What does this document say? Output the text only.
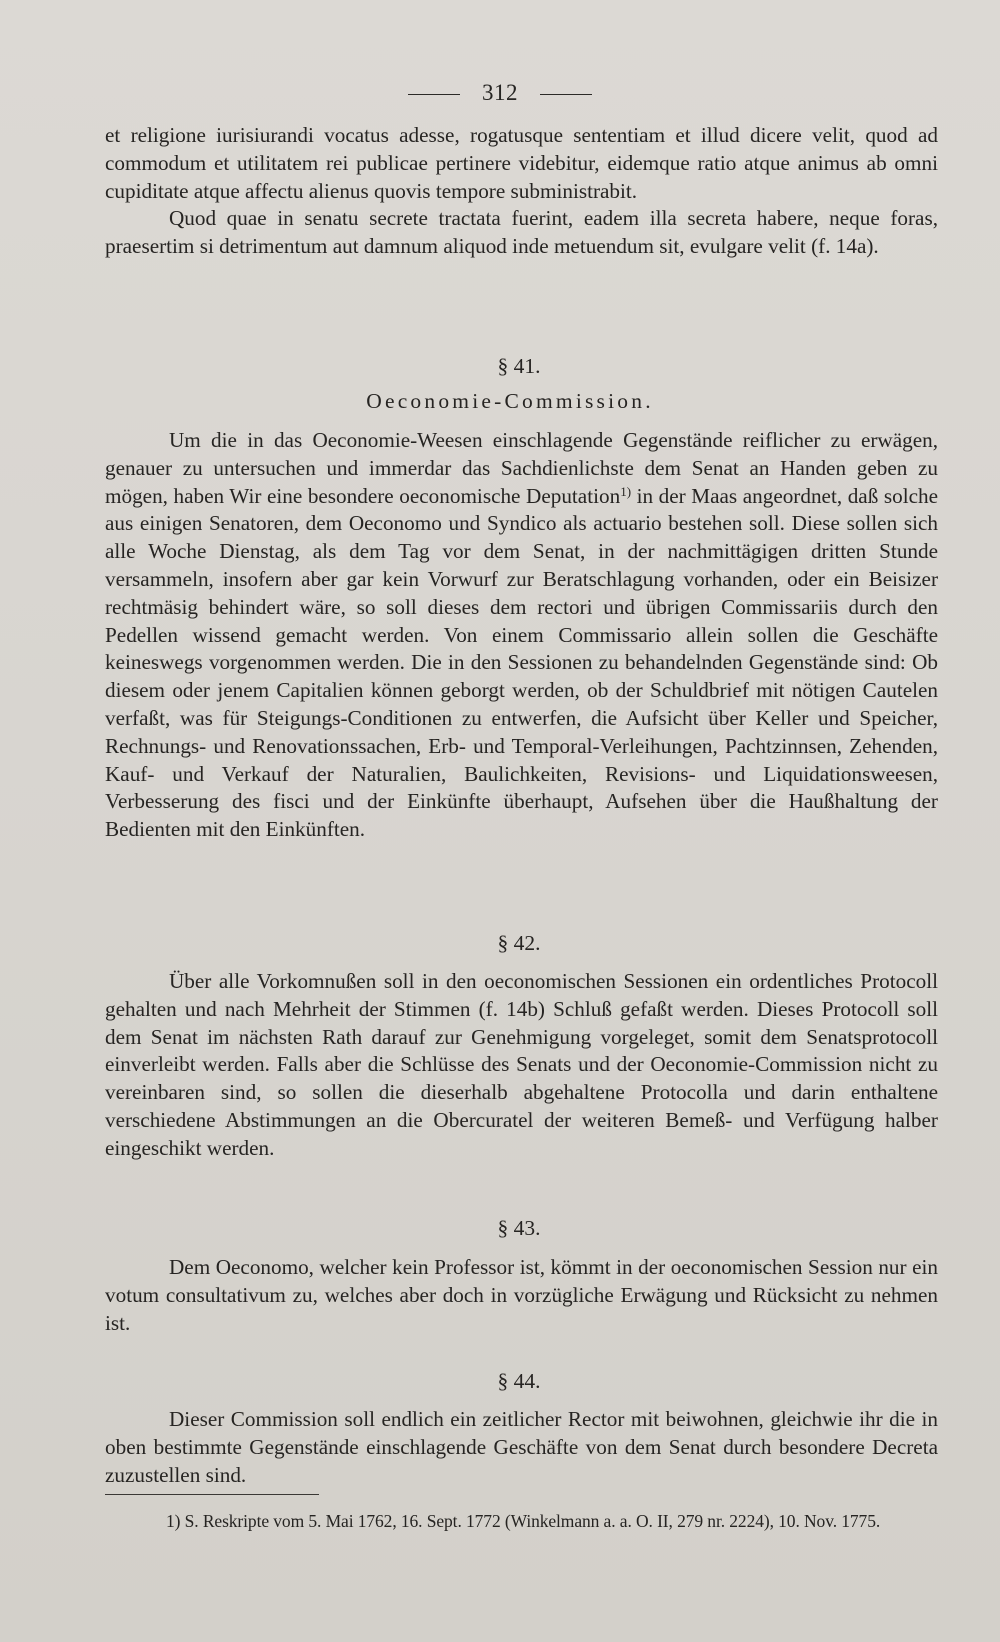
312

et religione iurisiurandi vocatus adesse, rogatusque sententiam et illud dicere velit, quod ad commodum et utilitatem rei publicae pertinere videbitur, eidemque ratio atque animus ab omni cupiditate atque affectu alienus quovis tempore subministrabit.

Quod quae in senatu secrete tractata fuerint, eadem illa secreta habere, neque foras, praesertim si detrimentum aut damnum aliquod inde metuendum sit, evulgare velit (f. 14a).

§ 41.
Oeconomie-Commission.

Um die in das Oeconomie-Weesen einschlagende Gegenstände reiflicher zu erwägen, genauer zu untersuchen und immerdar das Sachdienlichste dem Senat an Handen geben zu mögen, haben Wir eine besondere oeconomische Deputation$^{1)}$ in der Maas angeordnet, daß solche aus einigen Senatoren, dem Oeconomo und Syndico als actuario bestehen soll. Diese sollen sich alle Woche Dienstag, als dem Tag vor dem Senat, in der nachmittägigen dritten Stunde versammeln, insofern aber gar kein Vorwurf zur Beratschlagung vorhanden, oder ein Beisizer rechtmäsig behindert wäre, so soll dieses dem rectori und übrigen Commissariis durch den Pedellen wissend gemacht werden. Von einem Commissario allein sollen die Geschäfte keineswegs vorgenommen werden. Die in den Sessionen zu behandelnden Gegenstände sind: Ob diesem oder jenem Capitalien können geborgt werden, ob der Schuldbrief mit nötigen Cautelen verfaßt, was für Steigungs-Conditionen zu entwerfen, die Aufsicht über Keller und Speicher, Rechnungs- und Renovationssachen, Erb- und Temporal-Verleihungen, Pachtzinnsen, Zehenden, Kauf- und Verkauf der Naturalien, Baulichkeiten, Revisions- und Liquidationsweesen, Verbesserung des fisci und der Einkünfte überhaupt, Aufsehen über die Haußhaltung der Bedienten mit den Einkünften.

§ 42.

Über alle Vorkomnußen soll in den oeconomischen Sessionen ein ordentliches Protocoll gehalten und nach Mehrheit der Stimmen (f. 14b) Schluß gefaßt werden. Dieses Protocoll soll dem Senat im nächsten Rath darauf zur Genehmigung vorgeleget, somit dem Senatsprotocoll einverleibt werden. Falls aber die Schlüsse des Senats und der Oeconomie-Commission nicht zu vereinbaren sind, so sollen die dieserhalb abgehaltene Protocolla und darin enthaltene verschiedene Abstimmungen an die Obercuratel der weiteren Bemeß- und Verfügung halber eingeschikt werden.

§ 43.

Dem Oeconomo, welcher kein Professor ist, kömmt in der oeconomischen Session nur ein votum consultativum zu, welches aber doch in vorzügliche Erwägung und Rücksicht zu nehmen ist.

§ 44.

Dieser Commission soll endlich ein zeitlicher Rector mit beiwohnen, gleichwie ihr die in oben bestimmte Gegenstände einschlagende Geschäfte von dem Senat durch besondere Decreta zuzustellen sind.

1) S. Reskripte vom 5. Mai 1762, 16. Sept. 1772 (Winkelmann a. a. O. II, 279 nr. 2224), 10. Nov. 1775.
